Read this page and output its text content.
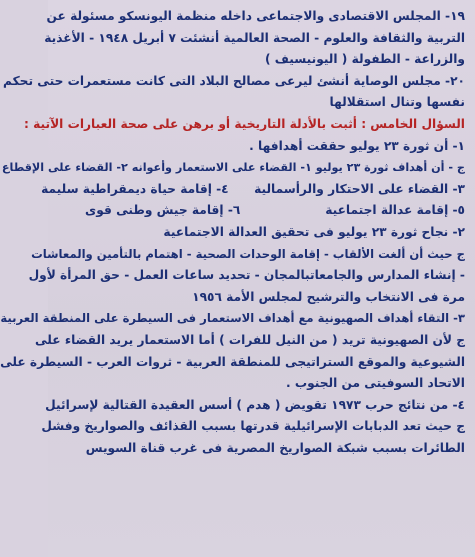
١٩- المجلس الاقتصادى والاجتماعى داخله منظمة اليونسكو مسئولة عن
التربية والثقافة والعلوم - الصحة العالمية أنشئت ٧ أبريل ١٩٤٨ - الأغذية
والزراعة - الطفولة ( اليونيسيف )
٢٠- مجلس الوصاية أنشئ ليرعى مصالح البلاد التى كانت مستعمرات حتى تحكم
نفسها وتنال استقلالها
السؤال الخامس : أثبت بالأدلة التاريخية أو برهن على صحة العبارات الآتية :
١- أن ثورة ٢٣ يوليو حققت أهدافها .
ج - أن أهداف ثورة ٢٣ يوليو ١- القضاء على الاستعمار وأعوانه ٢- القضاء على الإقطاع
٣- القضاء على الاحتكار والرأسمالية      ٤- إقامة حياة ديمقراطية سليمة
٥- إقامة عدالة اجتماعية                    ٦- إقامة جيش وطنى قوى
٢- نجاح ثورة ٢٣ يوليو فى تحقيق العدالة الاجتماعية
ج حيث أن ألغت الألقاب - إقامة الوحدات الصحية - اهتمام بالتأمين والمعاشات
- إنشاء المدارس والجامعاتبالمجان - تحديد ساعات العمل - حق المرأة لأول
مرة فى الانتخاب والترشيح لمجلس الأمة ١٩٥٦
٣- التقاء أهداف الصهيونية مع أهداف الاستعمار فى السيطرة على المنطقة العربية
ج لأن الصهيونية تريد ( من النيل للفرات ) أما الاستعمار يريد القضاء على
الشيوعية والموقع الستراتيجى للمنطقة العربية - ثروات العرب - السيطرة على
الاتحاد السوفيتى من الجنوب .
٤- من نتائج حرب ١٩٧٣ تقويض ( هدم ) أسس العقيدة القتالية لإسرائيل
ج حيث تعد الدبابات الإسرائيلية قدرتها بسبب القذائف والصواريخ وفشل
الطائرات بسبب شبكة الصواريخ المصرية فى غرب قناة السويس
